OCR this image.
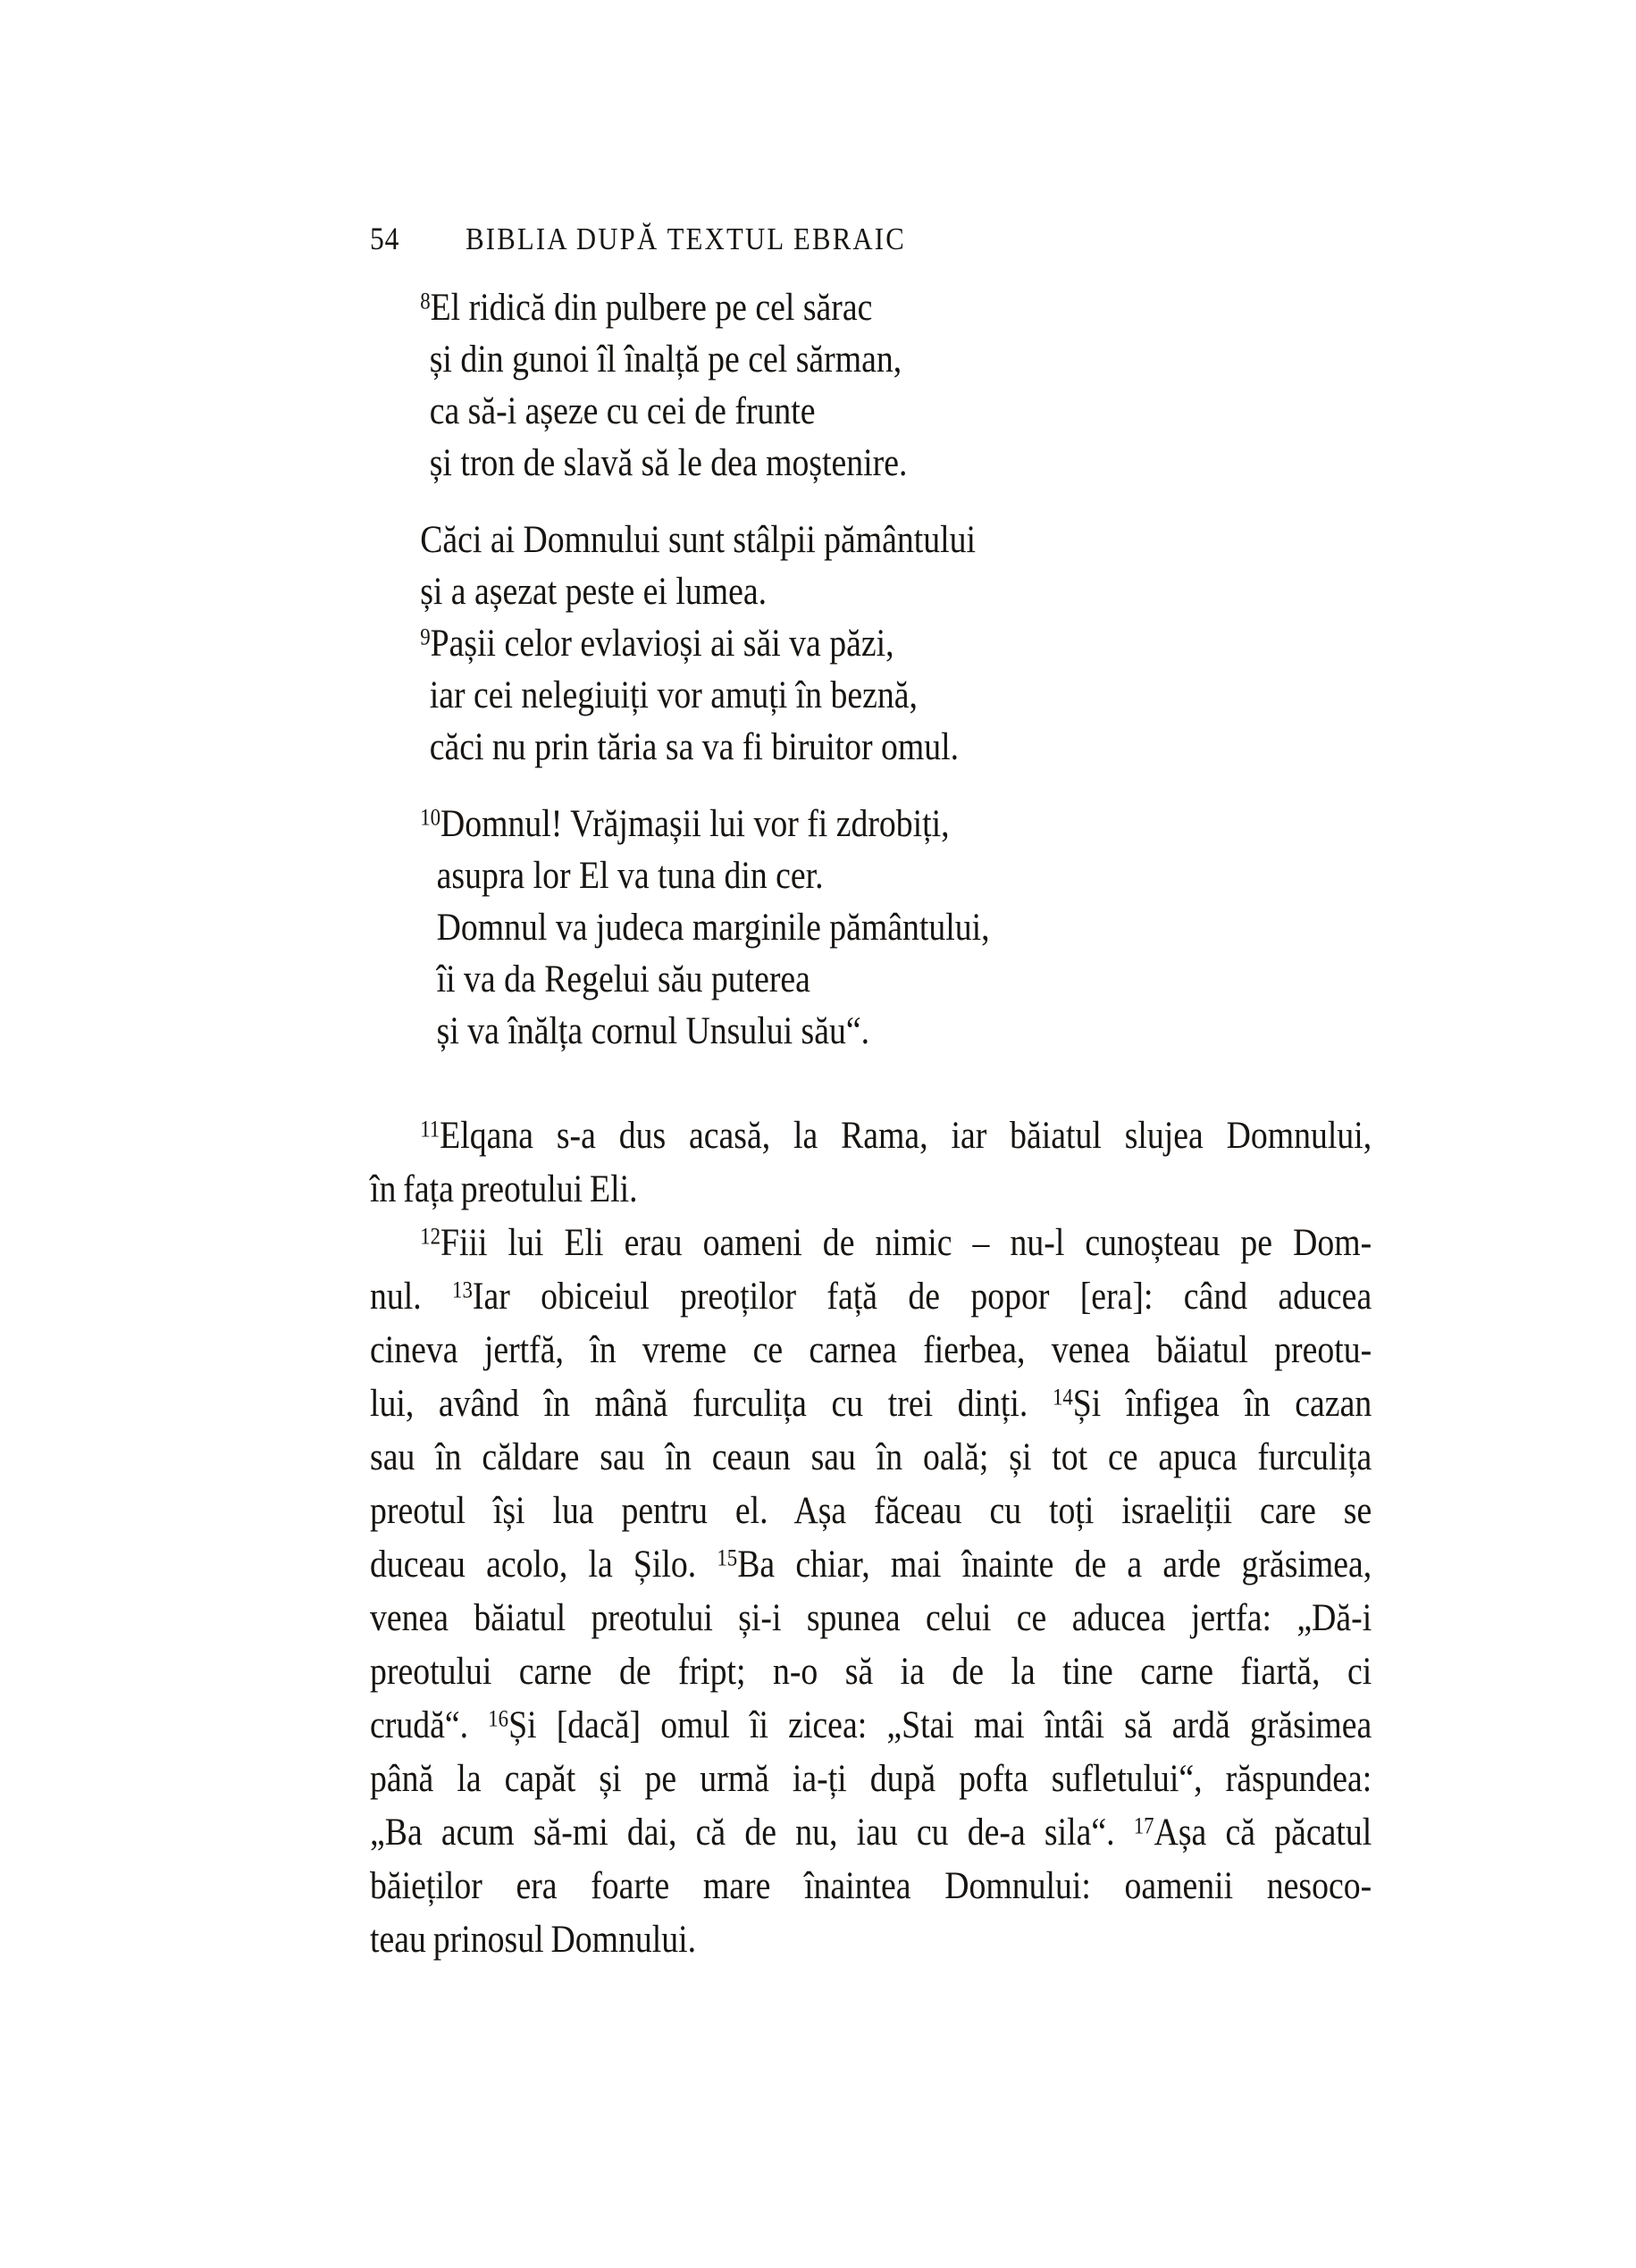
54 BIBLIA DUPĂ TEXTUL EBRAIC

$^8$El ridică din pulbere pe cel sărac

și din gunoi îl înalță pe cel sărman,

ca să-i așeze cu cei de frunte

și tron de slavă să le dea moștenire.

Căci ai Domnului sunt stâlpii pământului

și a așezat peste ei lumea.

$^9$Pașii celor evlavioși ai săi va păzi,

iar cei nelegiuiți vor amuți în beznă,

căci nu prin tăria sa va fi biruitor omul.

$^{10}$Domnul! Vrăjmașii lui vor fi zdrobiți,

asupra lor El va tuna din cer.

Domnul va judeca marginile pământului,

îi va da Regelui său puterea

și va înălța cornul Unsului său“.

$^{11}$Elqana s-a dus acasă, la Rama, iar băiatul slujea Domnului,

în fața preotului Eli.

$^{12}$Fiii lui Eli erau oameni de nimic – nu-l cunoșteau pe Dom-

nul. $^{13}$Iar obiceiul preoților față de popor [era]: când aducea

cineva jertfă, în vreme ce carnea fierbea, venea băiatul preotu-

lui, având în mână furculița cu trei dinți. $^{14}$Și înfigea în cazan

sau în căldare sau în ceaun sau în oală; și tot ce apuca furculița

preotul își lua pentru el. Așa făceau cu toți israeliții care se

duceau acolo, la Șilo. $^{15}$Ba chiar, mai înainte de a arde grăsimea,

venea băiatul preotului și-i spunea celui ce aducea jertfa: „Dă-i

preotului carne de fript; n-o să ia de la tine carne fiartă, ci

crudă“. $^{16}$Și [dacă] omul îi zicea: „Stai mai întâi să ardă grăsimea

până la capăt și pe urmă ia-ți după pofta sufletului“, răspundea:

„Ba acum să-mi dai, că de nu, iau cu de-a sila“. $^{17}$Așa că păcatul

băieților era foarte mare înaintea Domnului: oamenii nesoco-

teau prinosul Domnului.
